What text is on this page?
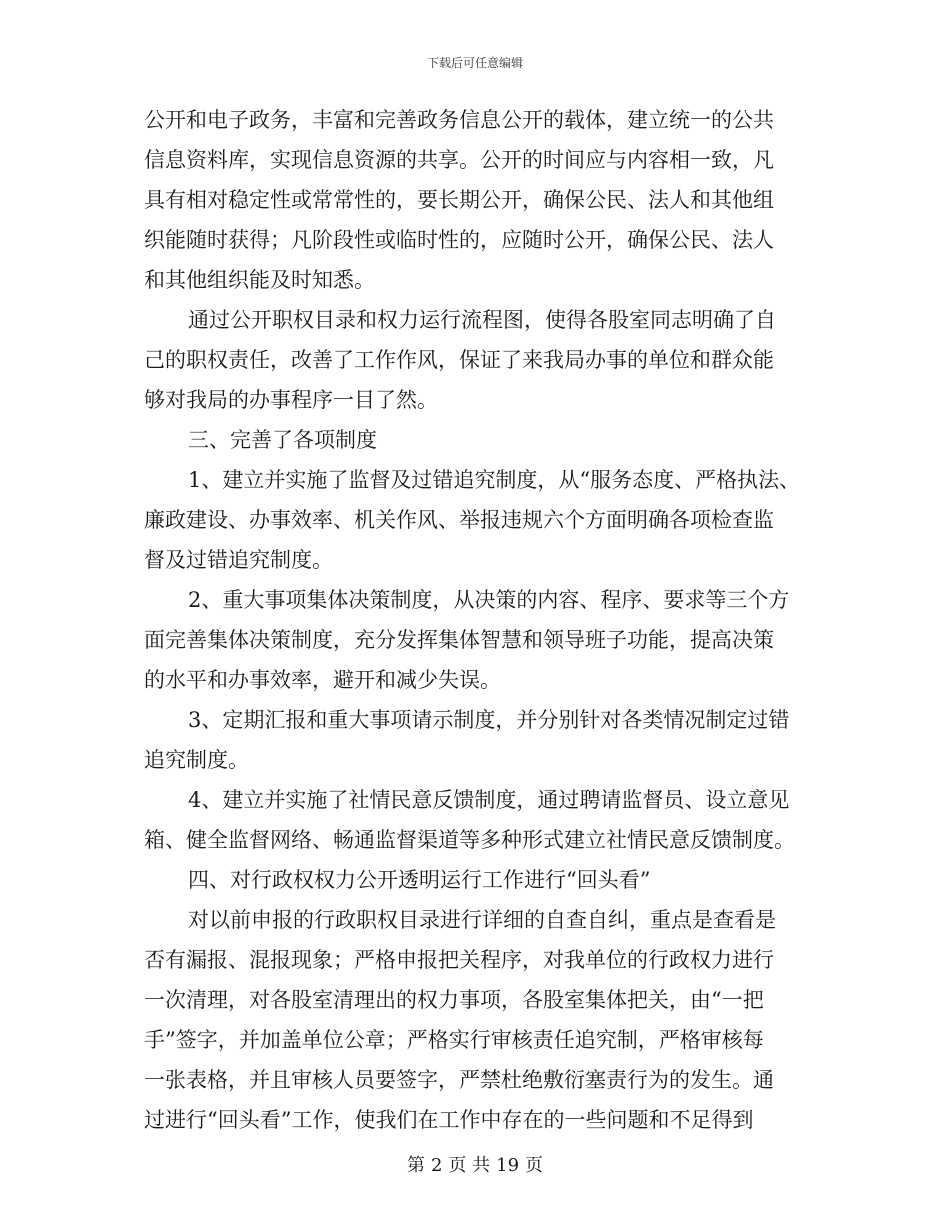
下载后可任意编辑
公开和电子政务，丰富和完善政务信息公开的载体，建立统一的公共
信息资料库，实现信息资源的共享。公开的时间应与内容相一致，凡
具有相对稳定性或常常性的，要长期公开，确保公民、法人和其他组
织能随时获得；凡阶段性或临时性的，应随时公开，确保公民、法人
和其他组织能及时知悉。
通过公开职权目录和权力运行流程图，使得各股室同志明确了自
己的职权责任，改善了工作作风，保证了来我局办事的单位和群众能
够对我局的办事程序一目了然。
三、完善了各项制度
1、建立并实施了监督及过错追究制度，从“服务态度、严格执法、
廉政建设、办事效率、机关作风、举报违规六个方面明确各项检查监
督及过错追究制度。
2、重大事项集体决策制度，从决策的内容、程序、要求等三个方
面完善集体决策制度，充分发挥集体智慧和领导班子功能，提高决策
的水平和办事效率，避开和减少失误。
3、定期汇报和重大事项请示制度，并分别针对各类情况制定过错
追究制度。
4、建立并实施了社情民意反馈制度，通过聘请监督员、设立意见
箱、健全监督网络、畅通监督渠道等多种形式建立社情民意反馈制度。
四、对行政权权力公开透明运行工作进行“回头看”
对以前申报的行政职权目录进行详细的自查自纠，重点是查看是
否有漏报、混报现象；严格申报把关程序，对我单位的行政权力进行
一次清理，对各股室清理出的权力事项，各股室集体把关，由“一把
手”签字，并加盖单位公章；严格实行审核责任追究制，严格审核每
一张表格，并且审核人员要签字，严禁杜绝敷衍塞责行为的发生。通
过进行“回头看”工作，使我们在工作中存在的一些问题和不足得到
第 2 页 共 19 页
